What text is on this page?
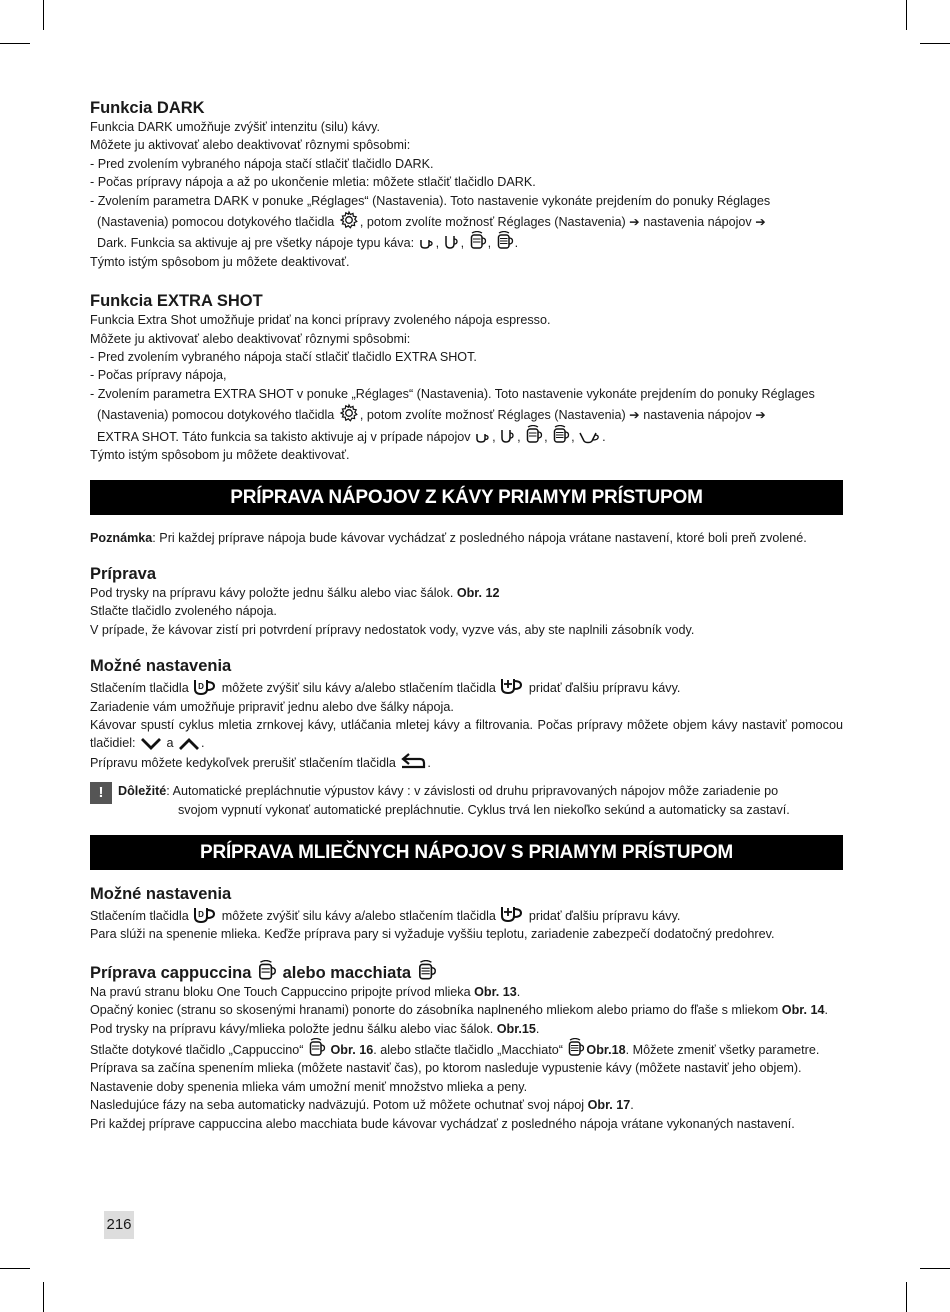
Funkcia DARK

Funkcia DARK umožňuje zvýšiť intenzitu (silu) kávy.

Môžete ju aktivovať alebo deaktivovať rôznymi spôsobmi:

- Pred zvolením vybraného nápoja stačí stlačiť tlačidlo DARK.

- Počas prípravy nápoja a až po ukončenie mletia: môžete stlačiť tlačidlo DARK.

- Zvolením parametra DARK v ponuke „Réglages“ (Nastavenia). Toto nastavenie vykonáte prejdením do ponuky Réglages
(Nastavenia) pomocou dotykového tlačidla , potom zvolíte možnosť Réglages (Nastavenia) ➔ nastavenia nápojov ➔
Dark. Funkcia sa aktivuje aj pre všetky nápoje typu káva: ,
,
,
.

Týmto istým spôsobom ju môžete deaktivovať.

Funkcia EXTRA SHOT

Funkcia Extra Shot umožňuje pridať na konci prípravy zvoleného nápoja espresso.

Môžete ju aktivovať alebo deaktivovať rôznymi spôsobmi:

- Pred zvolením vybraného nápoja stačí stlačiť tlačidlo EXTRA SHOT.

- Počas prípravy nápoja,

- Zvolením parametra EXTRA SHOT v ponuke „Réglages“ (Nastavenia). Toto nastavenie vykonáte prejdením do ponuky Réglages
(Nastavenia) pomocou dotykového tlačidla , potom zvolíte možnosť Réglages (Nastavenia) ➔ nastavenia nápojov ➔
EXTRA SHOT. Táto funkcia sa takisto aktivuje aj v prípade nápojov ,
,
,
,
.

Týmto istým spôsobom ju môžete deaktivovať.

PRÍPRAVA NÁPOJOV Z KÁVY PRIAMYM PRÍSTUPOM

Poznámka: Pri každej príprave nápoja bude kávovar vychádzať z posledného nápoja vrátane nastavení, ktoré boli preň zvolené.

Príprava

Pod trysky na prípravu kávy položte jednu šálku alebo viac šálok. Obr. 12

Stlačte tlačidlo zvoleného nápoja.

V prípade, že kávovar zistí pri potvrdení prípravy nedostatok vody, vyzve vás, aby ste naplnili zásobník vody.

Možné nastavenia

Stlačením tlačidla D môžete zvýšiť silu kávy a/alebo stlačením tlačidla	pridať ďalšiu prípravu kávy.

Zariadenie vám umožňuje pripraviť jednu alebo dve šálky nápoja.

Kávovar spustí cyklus mletia zrnkovej kávy, utláčania mletej kávy a filtrovania. Počas prípravy môžete objem kávy nastaviť pomocou tlačidiel: a .

Prípravu môžete kedykoľvek prerušiť stlačením tlačidla	.

!	Dôležité: Automatické prepláchnutie výpustov kávy : v závislosti od druhu pripravovaných nápojov môže zariadenie po

svojom vypnutí vykonať automatické prepláchnutie. Cyklus trvá len niekoľko sekúnd a automaticky sa zastaví.

PRÍPRAVA MLIEČNYCH NÁPOJOV S PRIAMYM PRÍSTUPOM
Možné nastavenia

Stlačením tlačidla D môžete zvýšiť silu kávy a/alebo stlačením tlačidla	pridať ďalšiu prípravu kávy.

Para slúži na spenenie mlieka. Keďže príprava pary si vyžaduje vyššiu teplotu, zariadenie zabezpečí dodatočný predohrev.

Príprava cappuccina alebo macchiata

Na pravú stranu bloku One Touch Cappuccino pripojte prívod mlieka Obr. 13.

Opačný koniec (stranu so skosenými hranami) ponorte do zásobníka naplneného mliekom alebo priamo do fľaše s mliekom Obr. 14.

Pod trysky na prípravu kávy/mlieka položte jednu šálku alebo viac šálok. Obr.15.

Stlačte dotykové tlačidlo „Cappuccino“ Obr. 16. alebo stlačte tlačidlo „Macchiato“ Obr.18. Môžete zmeniť všetky parametre.

Príprava sa začína spenením mlieka (môžete nastaviť čas), po ktorom nasleduje vypustenie kávy (môžete nastaviť jeho objem).

Nastavenie doby spenenia mlieka vám umožní meniť množstvo mlieka a peny.

Nasledujúce fázy na seba automaticky nadväzujú. Potom už môžete ochutnať svoj nápoj Obr. 17.

Pri každej príprave cappuccina alebo macchiata bude kávovar vychádzať z posledného nápoja vrátane vykonaných nastavení.

216
